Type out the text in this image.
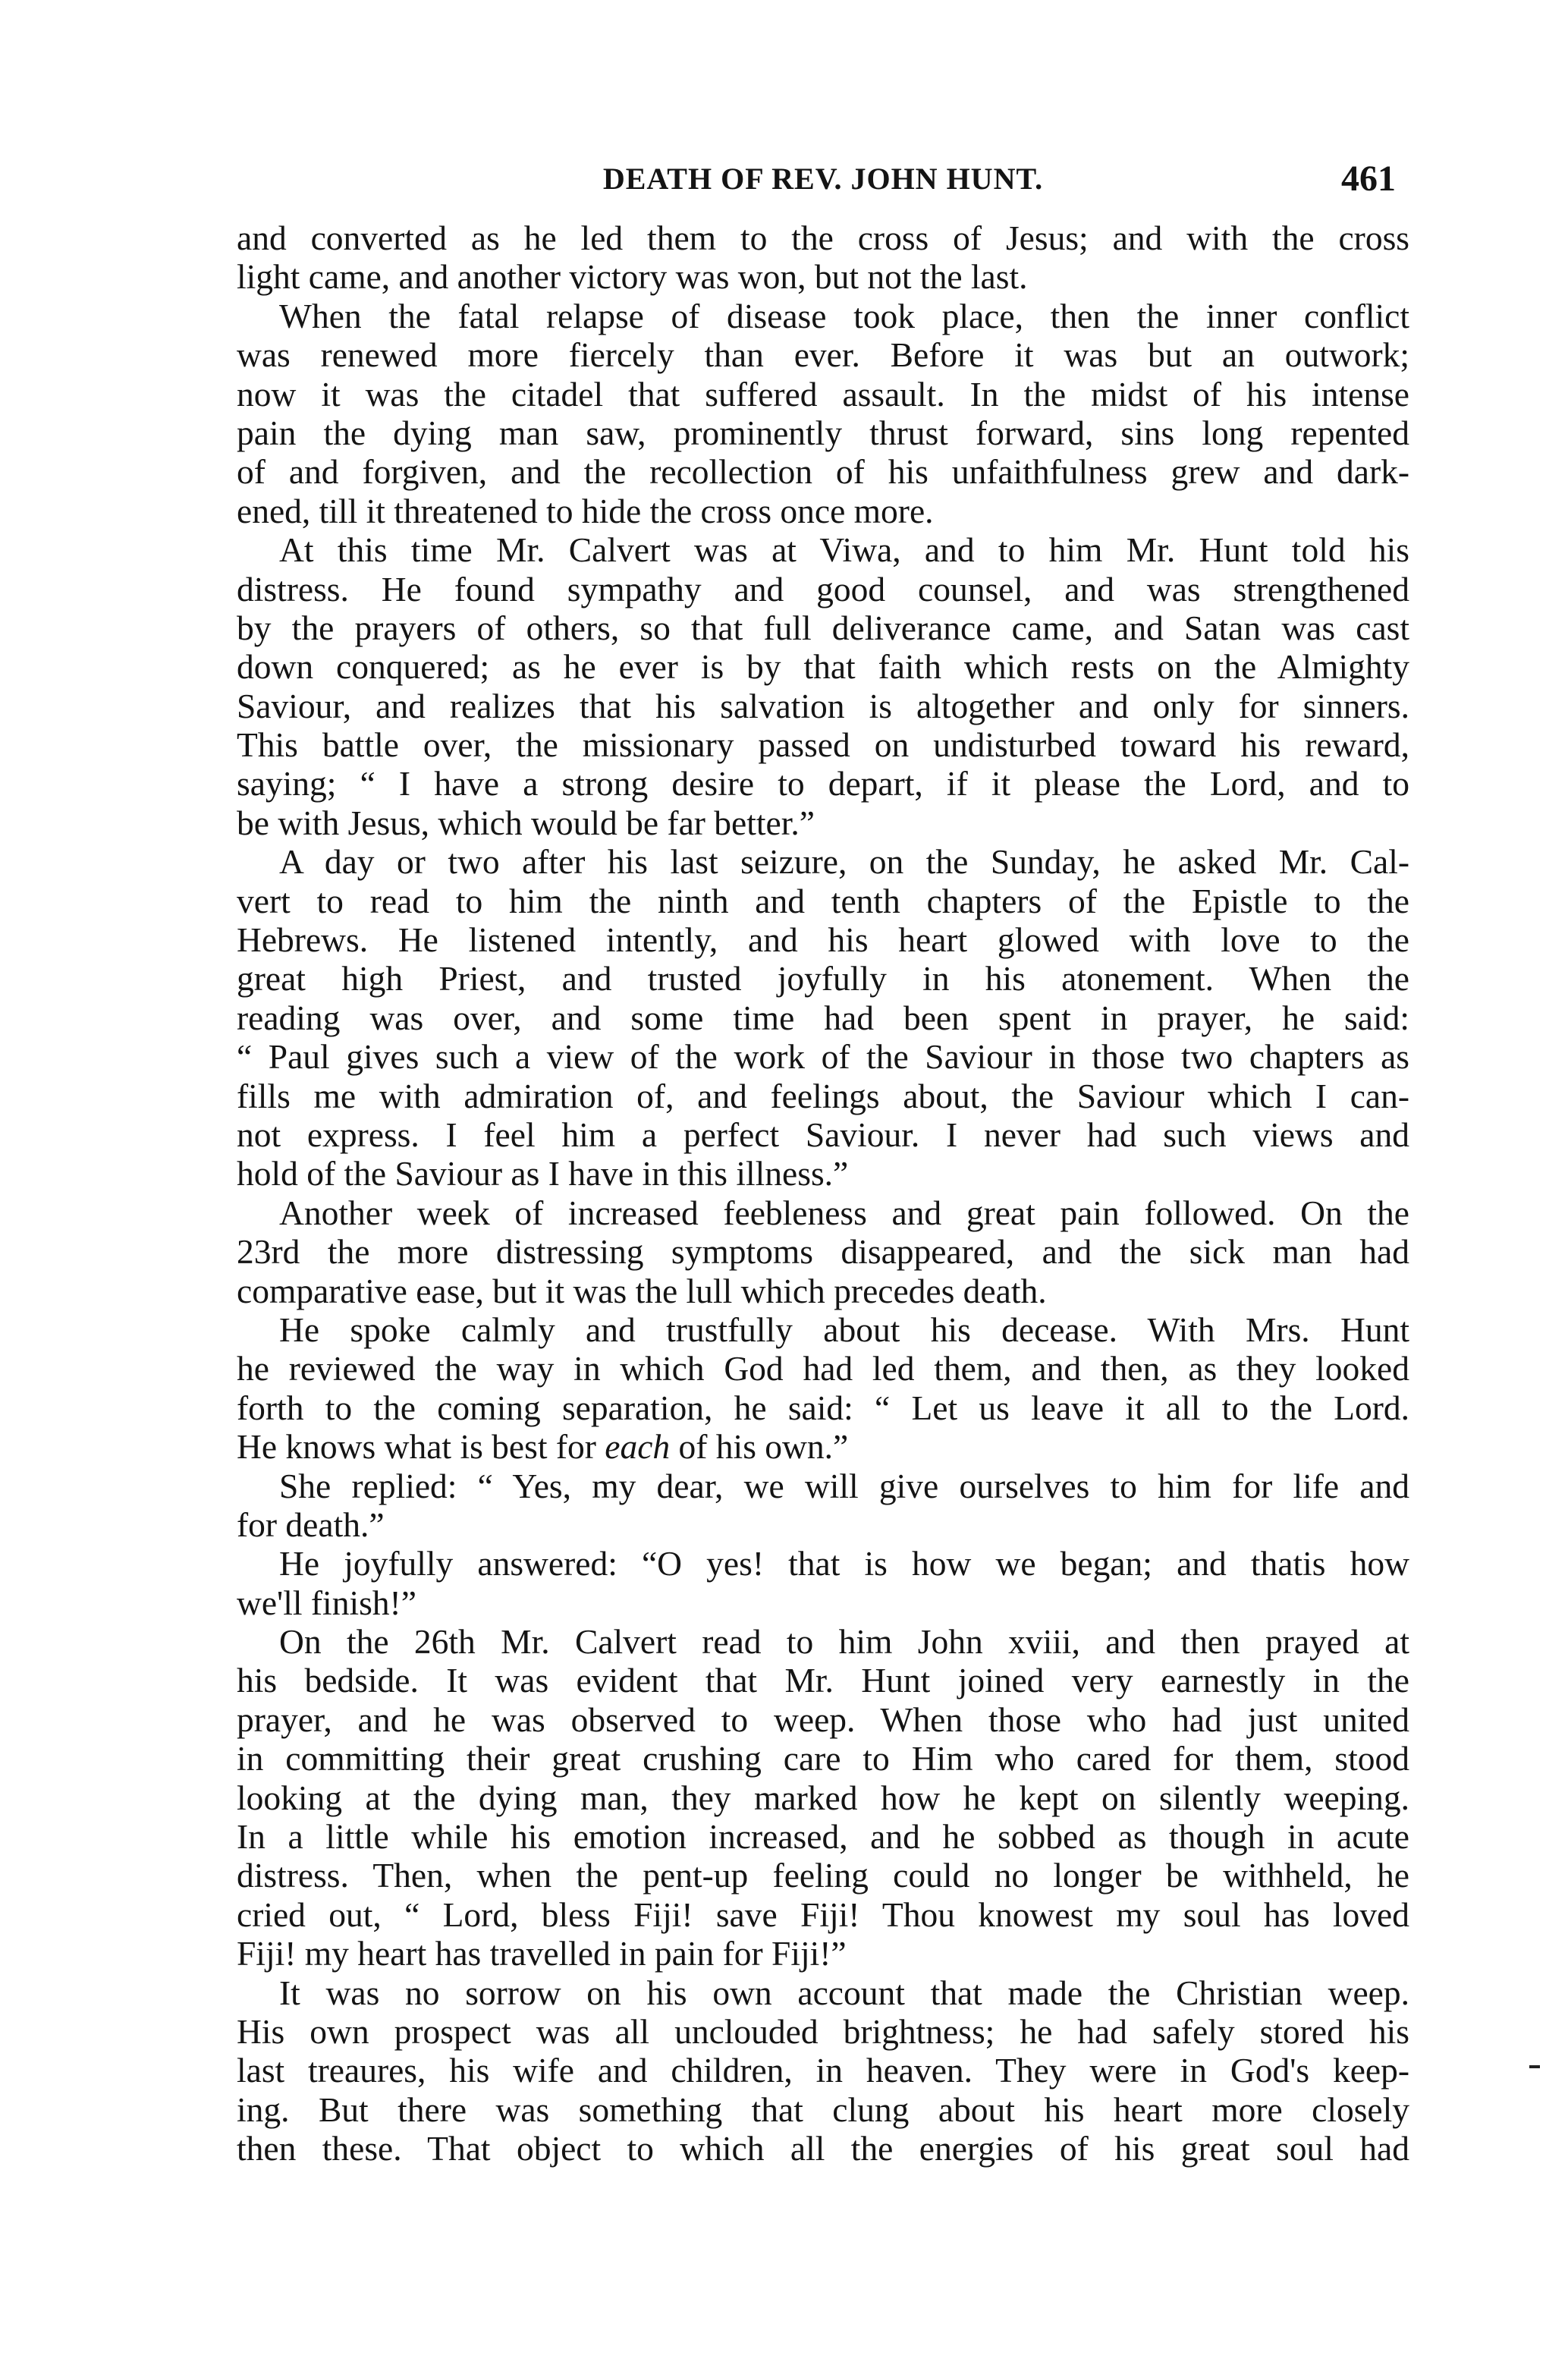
DEATH OF REV. JOHN HUNT.	461
and converted as he led them to the cross of Jesus; and with the cross
light came, and another victory was won, but not the last.
When the fatal relapse of disease took place, then the inner conflict
was renewed more fiercely than ever. Before it was but an outwork;
now it was the citadel that suffered assault. In the midst of his intense
pain the dying man saw, prominently thrust forward, sins long repented
of and forgiven, and the recollection of his unfaithfulness grew and dark-
ened, till it threatened to hide the cross once more.
At this time Mr. Calvert was at Viwa, and to him Mr. Hunt told his
distress. He found sympathy and good counsel, and was strengthened
by the prayers of others, so that full deliverance came, and Satan was cast
down conquered; as he ever is by that faith which rests on the Almighty
Saviour, and realizes that his salvation is altogether and only for sinners.
This battle over, the missionary passed on undisturbed toward his reward,
saying; “ I have a strong desire to depart, if it please the Lord, and to
be with Jesus, which would be far better.”
A day or two after his last seizure, on the Sunday, he asked Mr. Cal-
vert to read to him the ninth and tenth chapters of the Epistle to the
Hebrews. He listened intently, and his heart glowed with love to the
great high Priest, and trusted joyfully in his atonement. When the
reading was over, and some time had been spent in prayer, he said:
“ Paul gives such a view of the work of the Saviour in those two chapters as
fills me with admiration of, and feelings about, the Saviour which I can-
not express. I feel him a perfect Saviour. I never had such views and
hold of the Saviour as I have in this illness.”
Another week of increased feebleness and great pain followed. On the
23rd the more distressing symptoms disappeared, and the sick man had
comparative ease, but it was the lull which precedes death.
He spoke calmly and trustfully about his decease. With Mrs. Hunt
he reviewed the way in which God had led them, and then, as they looked
forth to the coming separation, he said: “ Let us leave it all to the Lord.
He knows what is best for each of his own.”
She replied: “ Yes, my dear, we will give ourselves to him for life and
for death.”
He joyfully answered: “O yes! that is how we began; and thatis how
we'll finish!”
On the 26th Mr. Calvert read to him John xviii, and then prayed at
his bedside. It was evident that Mr. Hunt joined very earnestly in the
prayer, and he was observed to weep. When those who had just united
in committing their great crushing care to Him who cared for them, stood
looking at the dying man, they marked how he kept on silently weeping.
In a little while his emotion increased, and he sobbed as though in acute
distress. Then, when the pent-up feeling could no longer be withheld, he
cried out, “ Lord, bless Fiji! save Fiji! Thou knowest my soul has loved
Fiji! my heart has travelled in pain for Fiji!”
It was no sorrow on his own account that made the Christian weep.
His own prospect was all unclouded brightness; he had safely stored his
last treaures, his wife and children, in heaven. They were in God's keep-
ing. But there was something that clung about his heart more closely
then these. That object to which all the energies of his great soul had
